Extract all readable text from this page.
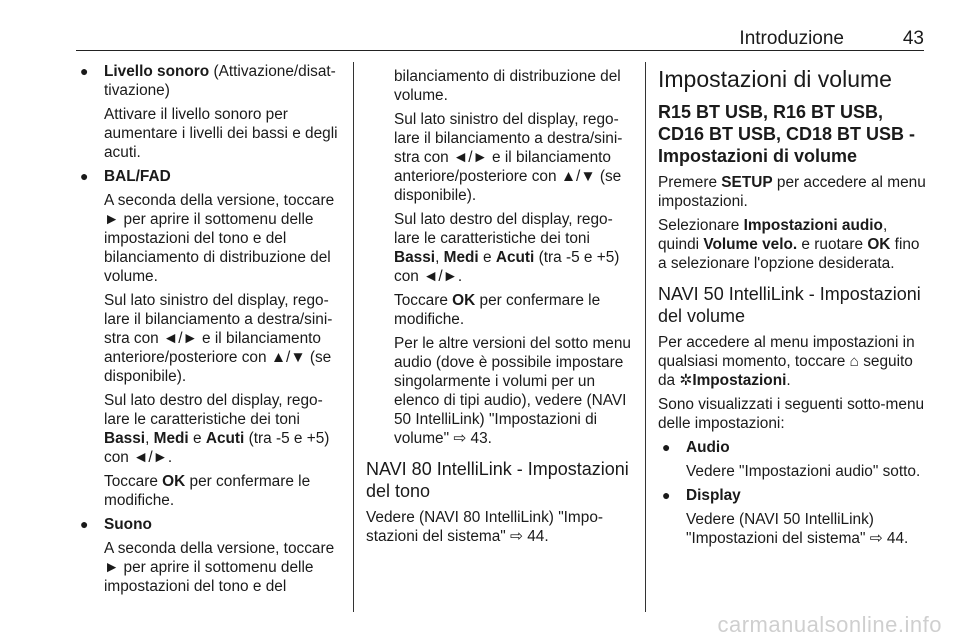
Introduzione	43
● Livello sonoro (Attivazione/disat-tivazione)

Attivare il livello sonoro per aumentare i livelli dei bassi e degli acuti.

● BAL/FAD

A seconda della versione, toccare ► per aprire il sottomenu delle impostazioni del tono e del bilanciamento di distribuzione del volume.

Sul lato sinistro del display, rego-lare il bilanciamento a destra/sini-stra con ◄/► e il bilanciamento anteriore/posteriore con ▲/▼ (se disponibile).

Sul lato destro del display, rego-lare le caratteristiche dei toni Bassi, Medi e Acuti (tra -5 e +5) con ◄/►.

Toccare OK per confermare le modifiche.

● Suono

A seconda della versione, toccare ► per aprire il sottomenu delle impostazioni del tono e del

bilanciamento di distribuzione del volume.

Sul lato sinistro del display, rego-lare il bilanciamento a destra/sini-stra con ◄/► e il bilanciamento anteriore/posteriore con ▲/▼ (se disponibile).

Sul lato destro del display, rego-lare le caratteristiche dei toni Bassi, Medi e Acuti (tra -5 e +5) con ◄/►.

Toccare OK per confermare le modifiche.

Per le altre versioni del sotto menu audio (dove è possibile impostare singolarmente i volumi per un elenco di tipi audio), vedere (NAVI 50 IntelliLink) "Impostazioni di volume" ⇨ 43.

NAVI 80 IntelliLink - Impostazioni del tono

Vedere (NAVI 80 IntelliLink) "Impo-stazioni del sistema" ⇨ 44.

Impostazioni di volume
R15 BT USB, R16 BT USB, CD16 BT USB, CD18 BT USB - Impostazioni di volume

Premere SETUP per accedere al menu impostazioni.

Selezionare Impostazioni audio, quindi Volume velo. e ruotare OK fino a selezionare l'opzione desiderata.

NAVI 50 IntelliLink - Impostazioni del volume

Per accedere al menu impostazioni in qualsiasi momento, toccare ⌂ seguito da ✲Impostazioni.

Sono visualizzati i seguenti sotto-menu delle impostazioni:

● Audio

Vedere "Impostazioni audio" sotto.

● Display

Vedere (NAVI 50 IntelliLink) "Impostazioni del sistema" ⇨ 44.

carmanualsonline.info
